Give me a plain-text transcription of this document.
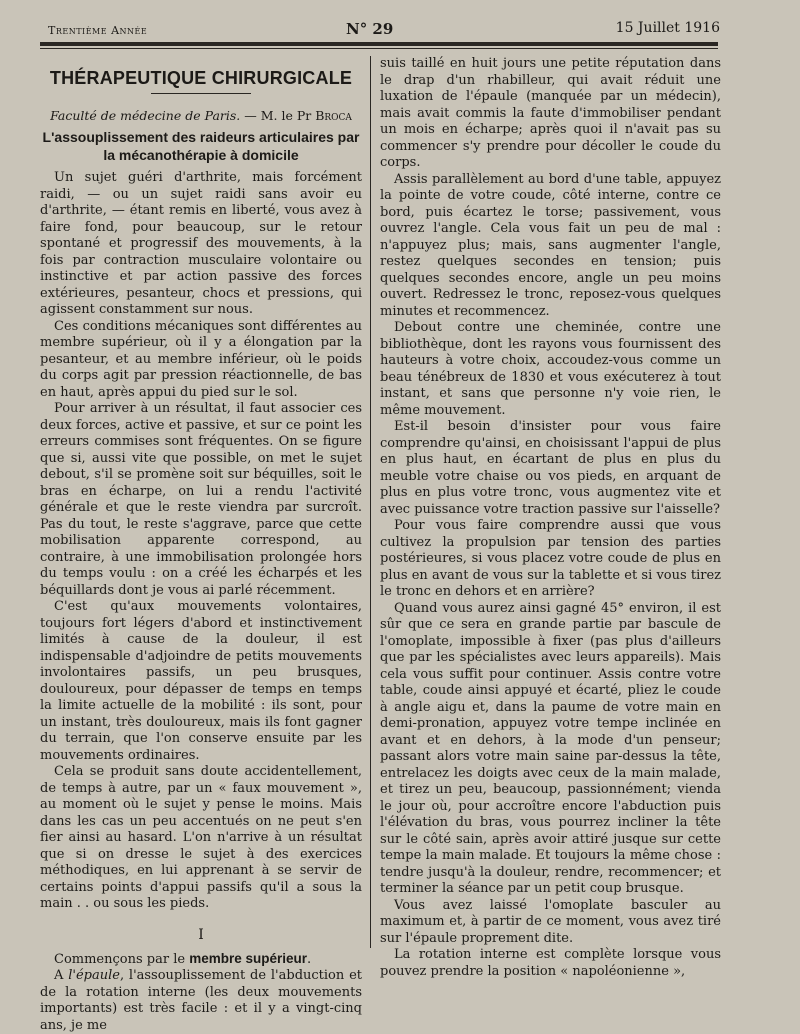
Trentième Année	N° 29	15 Juillet 1916
THÉRAPEUTIQUE CHIRURGICALE
Faculté de médecine de Paris. — M. le Pr Broca
L'assouplissement des raideurs articulaires par la mécanothérapie à domicile

Un sujet guéri d'arthrite, mais forcément raidi, — ou un sujet raidi sans avoir eu d'arthrite, — étant remis en liberté, vous avez à faire fond, pour beaucoup, sur le retour spontané et progressif des mouvements, à la fois par contraction musculaire volontaire ou instinctive et par action passive des forces extérieures, pesanteur, chocs et pressions, qui agissent constamment sur nous.

Ces conditions mécaniques sont différentes au membre supérieur, où il y a élongation par la pesanteur, et au membre inférieur, où le poids du corps agit par pression réactionnelle, de bas en haut, après appui du pied sur le sol.

Pour arriver à un résultat, il faut associer ces deux forces, active et passive, et sur ce point les erreurs commises sont fréquentes. On se figure que si, aussi vite que possible, on met le sujet debout, s'il se promène soit sur béquilles, soit le bras en écharpe, on lui a rendu l'activité générale et que le reste viendra par surcroît. Pas du tout, le reste s'aggrave, parce que cette mobilisation apparente correspond, au contraire, à une immobilisation prolongée hors du temps voulu : on a créé les écharpés et les béquillards dont je vous ai parlé récemment.

C'est qu'aux mouvements volontaires, toujours fort légers d'abord et instinctivement limités à cause de la douleur, il est indispensable d'adjoindre de petits mouvements involontaires passifs, un peu brusques, douloureux, pour dépasser de temps en temps la limite actuelle de la mobilité : ils sont, pour un instant, très douloureux, mais ils font gagner du terrain, que l'on conserve ensuite par les mouvements ordinaires.

Cela se produit sans doute accidentellement, de temps à autre, par un « faux mouvement », au moment où le sujet y pense le moins. Mais dans les cas un peu accentués on ne peut s'en fier ainsi au hasard. L'on n'arrive à un résultat que si on dresse le sujet à des exercices méthodiques, en lui apprenant à se servir de certains points d'appui passifs qu'il a sous la main . . ou sous les pieds.

I

Commençons par le membre supérieur.

A l'épaule, l'assouplissement de l'abduction et de la rotation interne (les deux mouvements importants) est très facile : et il y a vingt-cinq ans, je me

suis taillé en huit jours une petite réputation dans le drap d'un rhabilleur, qui avait réduit une luxation de l'épaule (manquée par un médecin), mais avait commis la faute d'immobiliser pendant un mois en écharpe; après quoi il n'avait pas su commencer s'y prendre pour décoller le coude du corps.

Assis parallèlement au bord d'une table, appuyez la pointe de votre coude, côté interne, contre ce bord, puis écartez le torse; passivement, vous ouvrez l'angle. Cela vous fait un peu de mal : n'appuyez plus; mais, sans augmenter l'angle, restez quelques secondes en tension; puis quelques secondes encore, angle un peu moins ouvert. Redressez le tronc, reposez-vous quelques minutes et recommencez.

Debout contre une cheminée, contre une bibliothèque, dont les rayons vous fournissent des hauteurs à votre choix, accoudez-vous comme un beau ténébreux de 1830 et vous exécuterez à tout instant, et sans que personne n'y voie rien, le même mouvement.

Est-il besoin d'insister pour vous faire comprendre qu'ainsi, en choisissant l'appui de plus en plus haut, en écartant de plus en plus du meuble votre chaise ou vos pieds, en arquant de plus en plus votre tronc, vous augmentez vite et avec puissance votre traction passive sur l'aisselle?

Pour vous faire comprendre aussi que vous cultivez la propulsion par tension des parties postérieures, si vous placez votre coude de plus en plus en avant de vous sur la tablette et si vous tirez le tronc en dehors et en arrière?

Quand vous aurez ainsi gagné 45° environ, il est sûr que ce sera en grande partie par bascule de l'omoplate, impossible à fixer (pas plus d'ailleurs que par les spécialistes avec leurs appareils). Mais cela vous suffit pour continuer. Assis contre votre table, coude ainsi appuyé et écarté, pliez le coude à angle aigu et, dans la paume de votre main en demi-pronation, appuyez votre tempe inclinée en avant et en dehors, à la mode d'un penseur; passant alors votre main saine par-dessus la tête, entrelacez les doigts avec ceux de la main malade, et tirez un peu, beaucoup, passionnément; vienda le jour où, pour accroître encore l'abduction puis l'élévation du bras, vous pourrez incliner la tête sur le côté sain, après avoir attiré jusque sur cette tempe la main malade. Et toujours la même chose : tendre jusqu'à la douleur, rendre, recommencer; et terminer la séance par un petit coup brusque.

Vous avez laissé l'omoplate basculer au maximum et, à partir de ce moment, vous avez tiré sur l'épaule proprement dite.

La rotation interne est complète lorsque vous pouvez prendre la position « napoléonienne »,
